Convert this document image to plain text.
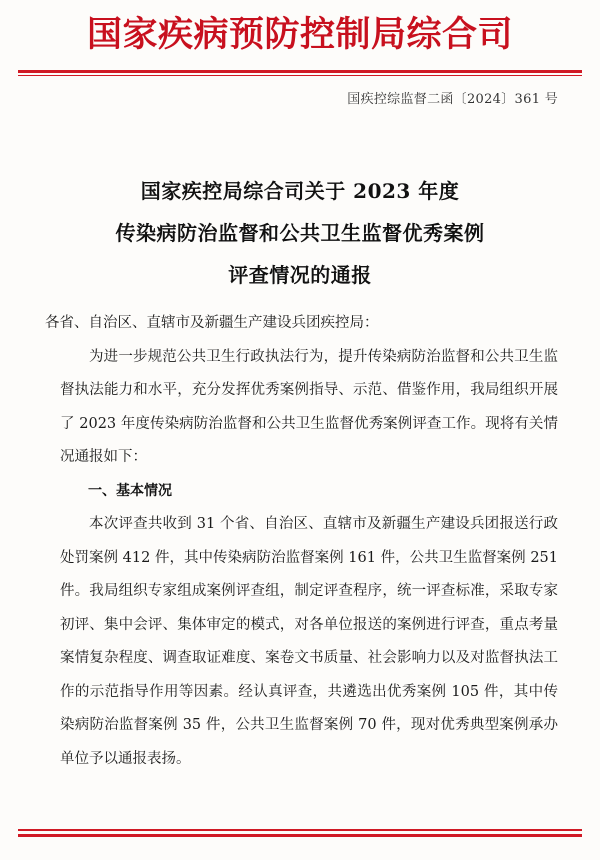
国家疾病预防控制局综合司
国疾控综监督二函〔2024〕361 号
国家疾控局综合司关于 2023 年度
传染病防治监督和公共卫生监督优秀案例
评查情况的通报

各省、自治区、直辖市及新疆生产建设兵团疾控局：

为进一步规范公共卫生行政执法行为，提升传染病防治监督和公共卫生监督执法能力和水平，充分发挥优秀案例指导、示范、借鉴作用，我局组织开展了 2023 年度传染病防治监督和公共卫生监督优秀案例评查工作。现将有关情况通报如下：

一、基本情况

本次评查共收到 31 个省、自治区、直辖市及新疆生产建设兵团报送行政处罚案例 412 件，其中传染病防治监督案例 161 件，公共卫生监督案例 251 件。我局组织专家组成案例评查组，制定评查程序，统一评查标准，采取专家初评、集中会评、集体审定的模式，对各单位报送的案例进行评查，重点考量案情复杂程度、调查取证难度、案卷文书质量、社会影响力以及对监督执法工作的示范指导作用等因素。经认真评查，共遴选出优秀案例 105 件，其中传染病防治监督案例 35 件，公共卫生监督案例 70 件，现对优秀典型案例承办单位予以通报表扬。
